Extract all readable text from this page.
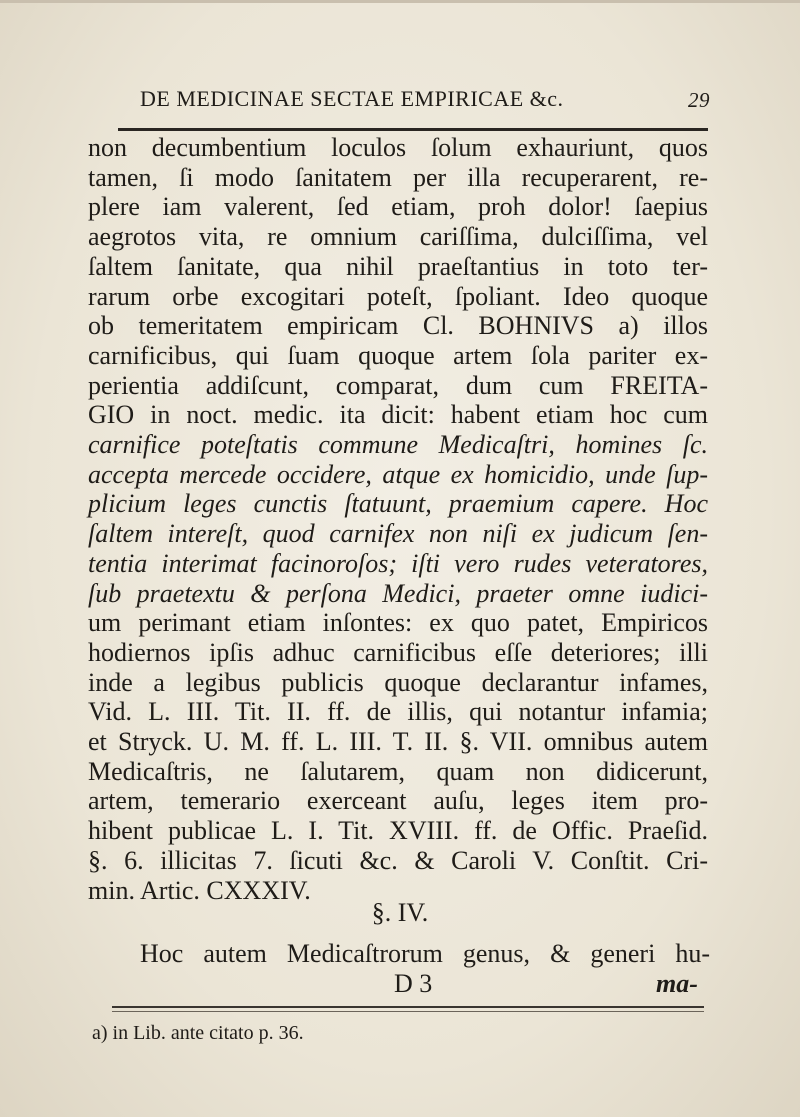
DE MEDICINAE SECTAE EMPIRICAE &c.	29
non decumbentium loculos ſolum exhauriunt, quos
tamen, ſi modo ſanitatem per illa recuperarent, re-
plere iam valerent, ſed etiam, proh dolor! ſaepius
aegrotos vita, re omnium cariſſima, dulciſſima, vel
ſaltem ſanitate, qua nihil praeſtantius in toto ter-
rarum orbe excogitari poteſt, ſpoliant. Ideo quoque
ob temeritatem empiricam Cl. BOHNIVS a) illos
carnificibus, qui ſuam quoque artem ſola pariter ex-
perientia addiſcunt, comparat, dum cum FREITA-
GIO in noct. medic. ita dicit: habent etiam hoc cum
carnifice poteſtatis commune Medicaſtri, homines ſc.
accepta mercede occidere, atque ex homicidio, unde ſup-
plicium leges cunctis ſtatuunt, praemium capere. Hoc
ſaltem intereſt, quod carnifex non niſi ex judicum ſen-
tentia interimat facinoroſos; iſti vero rudes veteratores,
ſub praetextu & perſona Medici, praeter omne iudici-
um perimant etiam inſontes: ex quo patet, Empiricos
hodiernos ipſis adhuc carnificibus eſſe deteriores; illi
inde a legibus publicis quoque declarantur infames,
Vid. L. III. Tit. II. ff. de illis, qui notantur infamia;
et Stryck. U. M. ff. L. III. T. II. §. VII. omnibus autem
Medicaſtris, ne ſalutarem, quam non didicerunt,
artem, temerario exerceant auſu, leges item pro-
hibent publicae L. I. Tit. XVIII. ff. de Offic. Praeſid.
§. 6. illicitas 7. ſicuti &c. & Caroli V. Conſtit. Cri-
min. Artic. CXXXIV.
§. IV.
Hoc autem Medicaſtrorum genus, & generi hu-
D 3	ma-
a) in Lib. ante citato p. 36.
